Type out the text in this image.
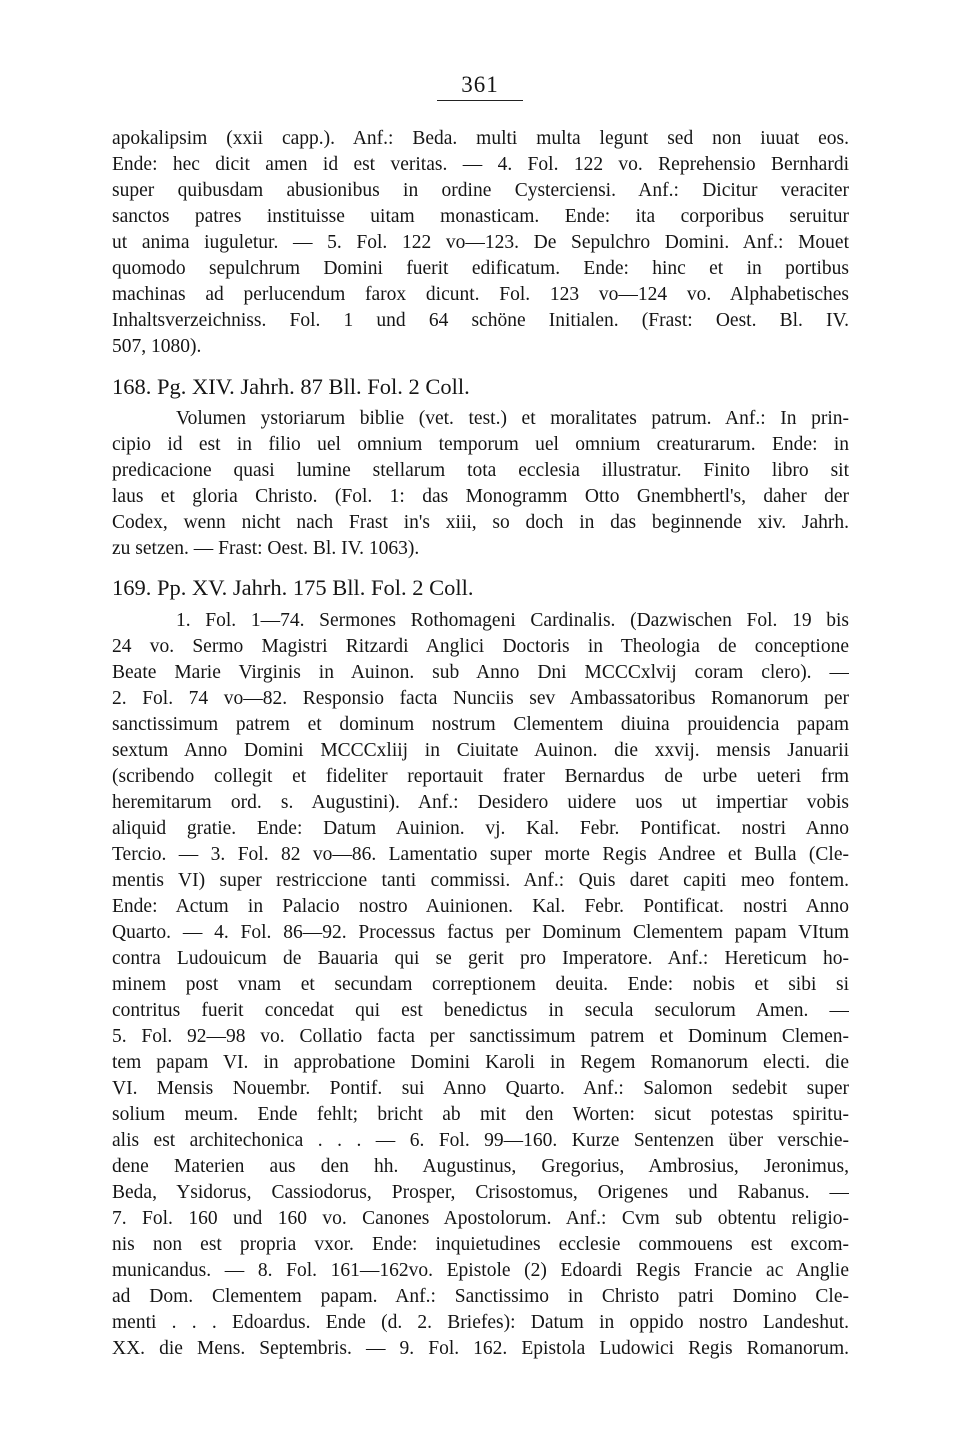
361
apokalipsim (xxii capp.). Anf.: Beda. multi multa legunt sed non iuuat eos.
Ende: hec dicit amen id est veritas. — 4. Fol. 122 vo. Reprehensio Bernhardi
super quibusdam abusionibus in ordine Cysterciensi. Anf.: Dicitur veraciter
sanctos patres instituisse uitam monasticam. Ende: ita corporibus seruitur
ut anima iuguletur. — 5. Fol. 122 vo—123. De Sepulchro Domini. Anf.: Mouet
quomodo sepulchrum Domini fuerit edificatum. Ende: hinc et in portibus
machinas ad perlucendum farox dicunt. Fol. 123 vo—124 vo. Alphabetisches
Inhaltsverzeichniss. Fol. 1 und 64 schöne Initialen. (Frast: Oest. Bl. IV.
507, 1080).
168. Pg. XIV. Jahrh. 87 Bll. Fol. 2 Coll.
Volumen ystoriarum biblie (vet. test.) et moralitates patrum. Anf.: In prin-
cipio id est in filio uel omnium temporum uel omnium creaturarum. Ende: in
predicacione quasi lumine stellarum tota ecclesia illustratur. Finito libro sit
laus et gloria Christo. (Fol. 1: das Monogramm Otto Gnembhertl's, daher der
Codex, wenn nicht nach Frast in's xiii, so doch in das beginnende xiv. Jahrh.
zu setzen. — Frast: Oest. Bl. IV. 1063).
169. Pp. XV. Jahrh. 175 Bll. Fol. 2 Coll.
1. Fol. 1—74. Sermones Rothomageni Cardinalis. (Dazwischen Fol. 19 bis
24 vo. Sermo Magistri Ritzardi Anglici Doctoris in Theologia de conceptione
Beate Marie Virginis in Auinon. sub Anno Dni MCCCxlvij coram clero). —
2. Fol. 74 vo—82. Responsio facta Nunciis sev Ambassatoribus Romanorum per
sanctissimum patrem et dominum nostrum Clementem diuina prouidencia papam
sextum Anno Domini MCCCxliij in Ciuitate Auinon. die xxvij. mensis Januarii
(scribendo collegit et fideliter reportauit frater Bernardus de urbe ueteri frm
heremitarum ord. s. Augustini). Anf.: Desidero uidere uos ut impertiar vobis
aliquid gratie. Ende: Datum Auinion. vj. Kal. Febr. Pontificat. nostri Anno
Tercio. — 3. Fol. 82 vo—86. Lamentatio super morte Regis Andree et Bulla (Cle-
mentis VI) super restriccione tanti commissi. Anf.: Quis daret capiti meo fontem.
Ende: Actum in Palacio nostro Auinionen. Kal. Febr. Pontificat. nostri Anno
Quarto. — 4. Fol. 86—92. Processus factus per Dominum Clementem papam VItum
contra Ludouicum de Bauaria qui se gerit pro Imperatore. Anf.: Hereticum ho-
minem post vnam et secundam correptionem deuita. Ende: nobis et sibi si
contritus fuerit concedat qui est benedictus in secula seculorum Amen. —
5. Fol. 92—98 vo. Collatio facta per sanctissimum patrem et Dominum Clemen-
tem papam VI. in approbatione Domini Karoli in Regem Romanorum electi. die
VI. Mensis Nouembr. Pontif. sui Anno Quarto. Anf.: Salomon sedebit super
solium meum. Ende fehlt; bricht ab mit den Worten: sicut potestas spiritu-
alis est architechonica . . . — 6. Fol. 99—160. Kurze Sentenzen über verschie-
dene Materien aus den hh. Augustinus, Gregorius, Ambrosius, Jeronimus,
Beda, Ysidorus, Cassiodorus, Prosper, Crisostomus, Origenes und Rabanus. —
7. Fol. 160 und 160 vo. Canones Apostolorum. Anf.: Cvm sub obtentu religio-
nis non est propria vxor. Ende: inquietudines ecclesie commouens est excom-
municandus. — 8. Fol. 161—162vo. Epistole (2) Edoardi Regis Francie ac Anglie
ad Dom. Clementem papam. Anf.: Sanctissimo in Christo patri Domino Cle-
menti . . . Edoardus. Ende (d. 2. Briefes): Datum in oppido nostro Landeshut.
XX. die Mens. Septembris. — 9. Fol. 162. Epistola Ludowici Regis Romanorum.
